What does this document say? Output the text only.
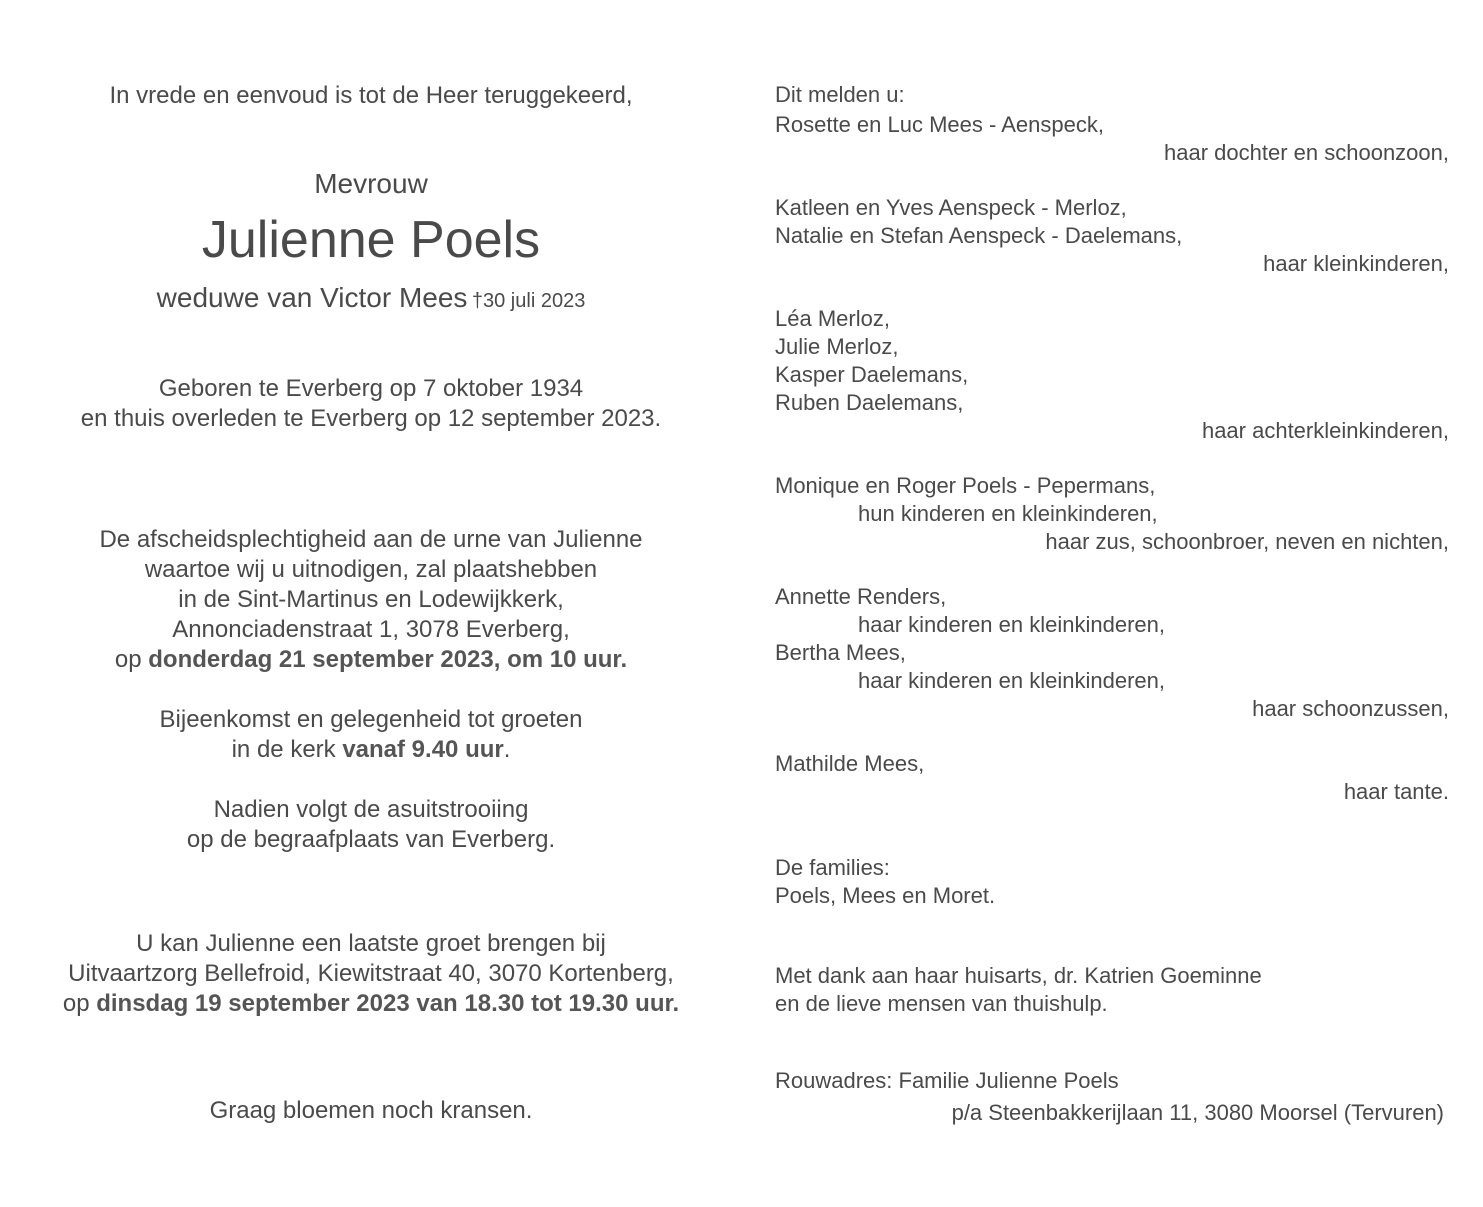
In vrede en eenvoud is tot de Heer teruggekeerd,
Mevrouw
Julienne Poels
weduwe van Victor Mees †30 juli 2023
Geboren te Everberg op 7 oktober 1934
en thuis overleden te Everberg op 12 september 2023.
De afscheidsplechtigheid aan de urne van Julienne
waartoe wij u uitnodigen, zal plaatshebben
in de Sint-Martinus en Lodewijkkerk,
Annonciadenstraat 1, 3078 Everberg,
op donderdag 21 september 2023, om 10 uur.
Bijeenkomst en gelegenheid tot groeten
in de kerk vanaf 9.40 uur.
Nadien volgt de asuitstrooiing
op de begraafplaats van Everberg.
U kan Julienne een laatste groet brengen bij
Uitvaartzorg Bellefroid, Kiewitstraat 40, 3070 Kortenberg,
op dinsdag 19 september 2023 van 18.30 tot 19.30 uur.
Graag bloemen noch kransen.
Dit melden u:
Rosette en Luc Mees - Aenspeck,
haar dochter en schoonzoon,
Katleen en Yves Aenspeck - Merloz,
Natalie en Stefan Aenspeck - Daelemans,
haar kleinkinderen,
Léa Merloz,
Julie Merloz,
Kasper Daelemans,
Ruben Daelemans,
haar achterkleinkinderen,
Monique en Roger Poels - Pepermans,
hun kinderen en kleinkinderen,
haar zus, schoonbroer, neven en nichten,
Annette Renders,
haar kinderen en kleinkinderen,
Bertha Mees,
haar kinderen en kleinkinderen,
haar schoonzussen,
Mathilde Mees,
haar tante.
De families:
Poels, Mees en Moret.
Met dank aan haar huisarts, dr. Katrien Goeminne
en de lieve mensen van thuishulp.
Rouwadres: Familie Julienne Poels
p/a Steenbakkerijlaan 11, 3080 Moorsel (Tervuren)
